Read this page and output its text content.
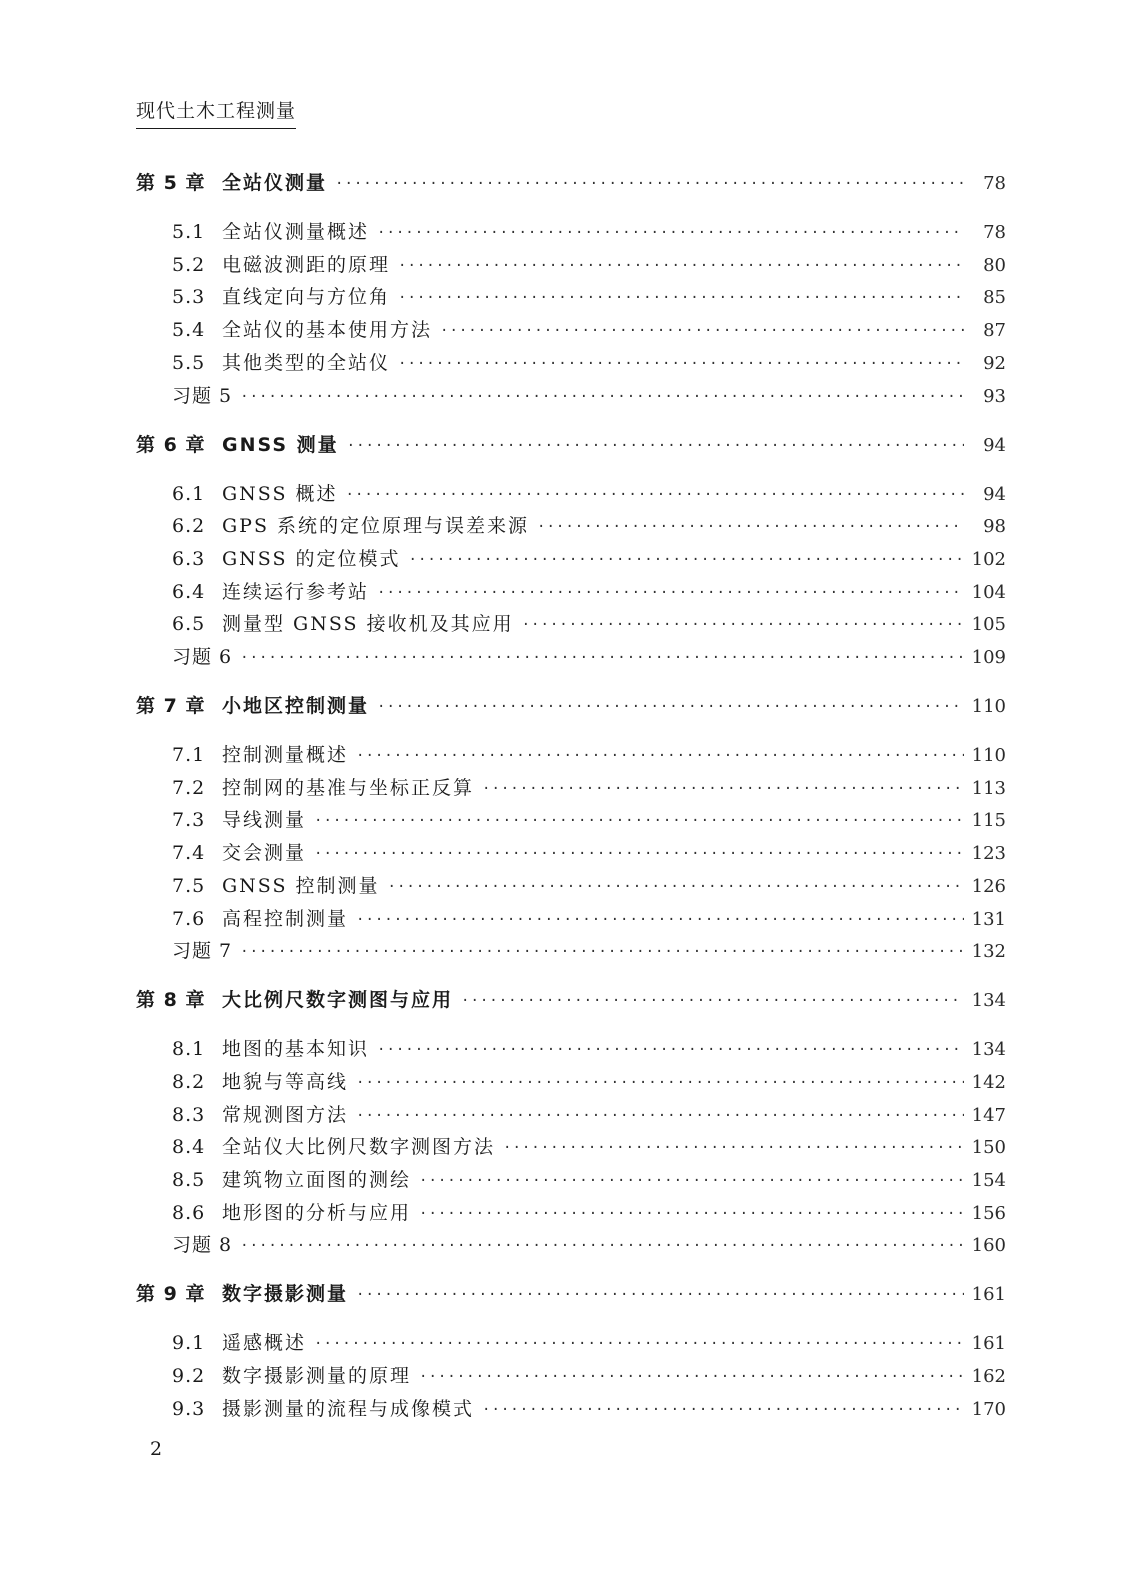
现代土木工程测量
第 5 章 全站仪测量 ·····	78
5.1 全站仪测量概述 ·····	78
5.2 电磁波测距的原理 ·····	80
5.3 直线定向与方位角 ·····	85
5.4 全站仪的基本使用方法 ·····	87
5.5 其他类型的全站仪 ·····	92
习题 5 ·····	93
第 6 章 GNSS 测量 ·····	94
6.1 GNSS 概述 ·····	94
6.2 GPS 系统的定位原理与误差来源 ·····	98
6.3 GNSS 的定位模式 ·····	102
6.4 连续运行参考站 ·····	104
6.5 测量型 GNSS 接收机及其应用 ·····	105
习题 6 ·····	109
第 7 章 小地区控制测量 ·····	110
7.1 控制测量概述 ·····	110
7.2 控制网的基准与坐标正反算 ·····	113
7.3 导线测量 ·····	115
7.4 交会测量 ·····	123
7.5 GNSS 控制测量 ·····	126
7.6 高程控制测量 ·····	131
习题 7 ·····	132
第 8 章 大比例尺数字测图与应用 ·····	134
8.1 地图的基本知识 ·····	134
8.2 地貌与等高线 ·····	142
8.3 常规测图方法 ·····	147
8.4 全站仪大比例尺数字测图方法 ·····	150
8.5 建筑物立面图的测绘 ·····	154
8.6 地形图的分析与应用 ·····	156
习题 8 ·····	160
第 9 章 数字摄影测量 ·····	161
9.1 遥感概述 ·····	161
9.2 数字摄影测量的原理 ·····	162
9.3 摄影测量的流程与成像模式 ·····	170
2
